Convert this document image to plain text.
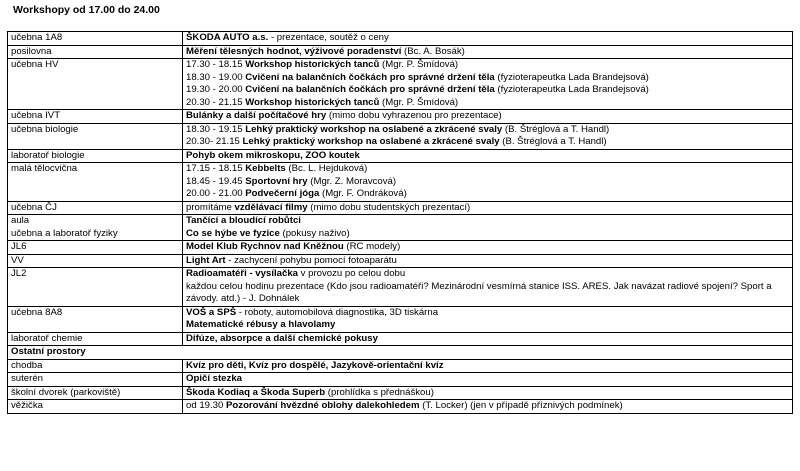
Workshopy od 17.00 do 24.00
učebna 1A8	ŠKODA AUTO a.s. - prezentace, soutěž o ceny

posilovna	Měření tělesných hodnot, výživové poradenství (Bc. A. Bosák)

učebna HV	17.30 - 18.15 Workshop historických tanců (Mgr. P. Šmídová)
18.30 - 19.00 Cvičení na balančních čočkách pro správné držení těla (fyzioterapeutka Lada Brandejsová)
19.30 - 20.00 Cvičení na balančních čočkách pro správné držení těla (fyzioterapeutka Lada Brandejsová)
20.30 - 21.15 Workshop historických tanců (Mgr. P. Šmídová)

učebna IVT	Bulánky a další počítačové hry (mimo dobu vyhrazenou pro prezentace)

učebna biologie	18.30 - 19.15 Lehký praktický workshop na oslabené a zkrácené svaly (B. Štréglová a T. Handl)
20.30- 21.15 Lehký praktický workshop na oslabené a zkrácené svaly (B. Štréglová a T. Handl)

laboratoř biologie	Pohyb okem mikroskopu, ZOO koutek

malá tělocvična	17.15 - 18.15 Kebbelts (Bc. L. Hejduková)
18.45 - 19.45 Sportovní hry (Mgr. Z. Moravcová)
20.00 - 21.00 Podvečerní jóga (Mgr. F. Ondráková)

učebna ČJ	promítáme vzdělávací filmy (mimo dobu studentských prezentací)

aula
učebna a laboratoř fyziky	Tančící a bloudící robůtci
Co se hýbe ve fyzice (pokusy naživo)

JL6	Model Klub Rychnov nad Kněžnou (RC modely)

VV	Light Art - zachycení pohybu pomocí fotoaparátu

JL2	Radioamatéři - vysílačka v provozu po celou dobu
každou celou hodinu prezentace (Kdo jsou radioamatéři? Mezinárodní vesmírná stanice ISS. ARES. Jak navázat radiové spojení? Sport a závody. atd.) - J. Dohnálek

učebna 8A8	VOŠ a SPŠ - roboty, automobilová diagnostika, 3D tiskárna
Matematické rébusy a hlavolamy

laboratoř chemie	Difúze, absorpce a další chemické pokusy

Ostatní prostory	

chodba	Kvíz pro děti, Kvíz pro dospělé, Jazykově-orientační kvíz

suterén	Opičí stezka

školní dvorek (parkoviště)	Škoda Kodiaq a Škoda Superb (prohlídka s přednáškou)

věžička	od 19.30 Pozorování hvězdné oblohy dalekohledem (T. Locker) (jen v případě příznivých podmínek)
